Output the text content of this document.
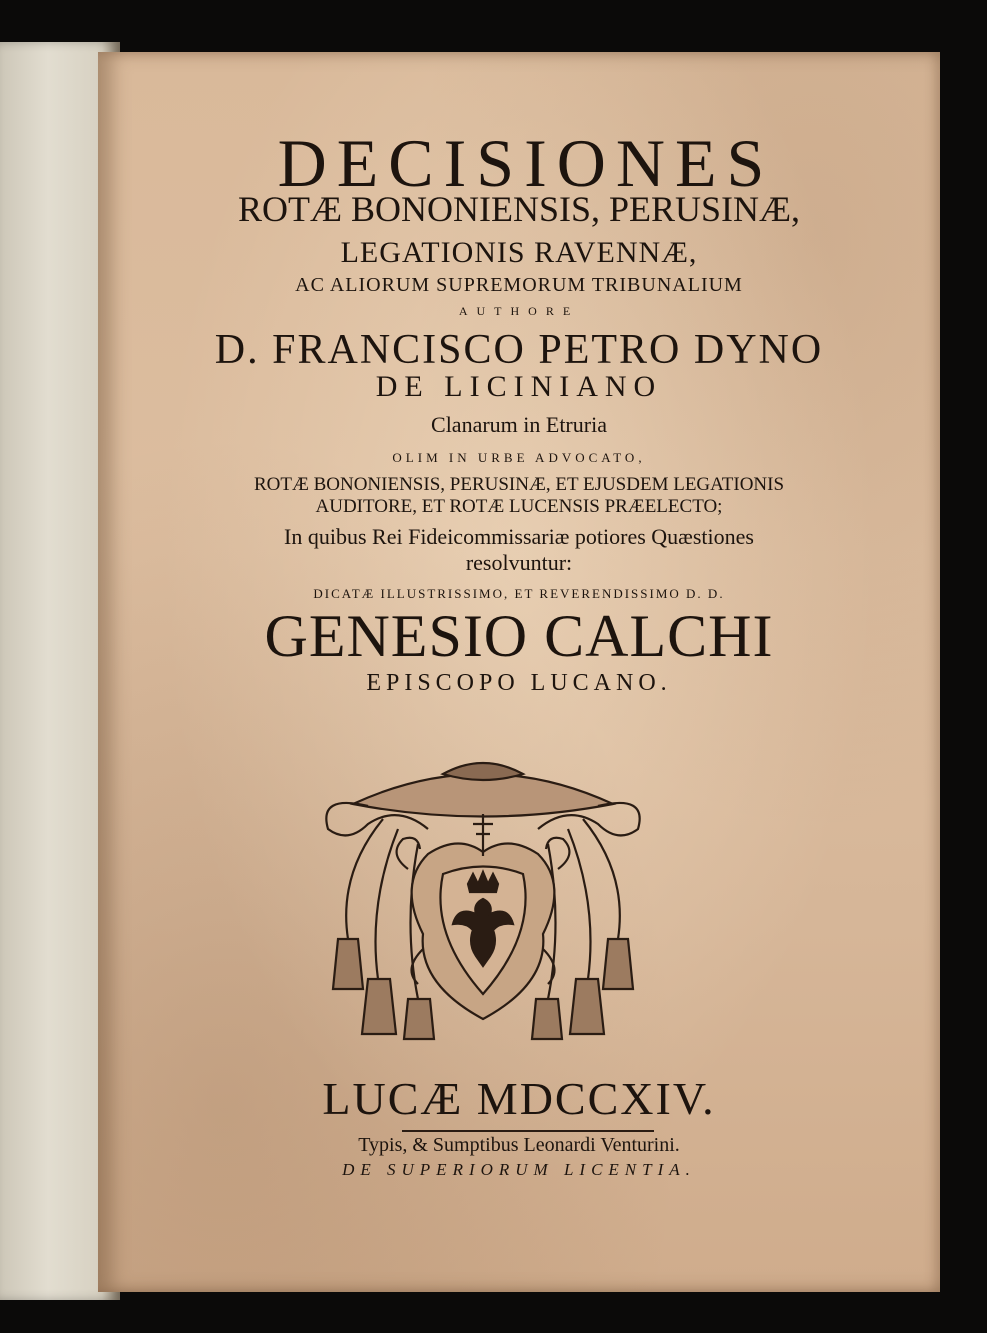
DECISIONES

ROTÆ BONONIENSIS, PERUSINÆ,

LEGATIONIS RAVENNÆ,

AC ALIORUM SUPREMORUM TRIBUNALIUM

AUTHORE

D. FRANCISCO PETRO DYNO

DE LICINIANO

Clanarum in Etruria

OLIM IN URBE ADVOCATO,

ROTÆ BONONIENSIS, PERUSINÆ, ET EJUSDEM LEGATIONIS

AUDITORE, ET ROTÆ LUCENSIS PRÆELECTO;

In quibus Rei Fideicommissariæ potiores Quæstiones

resolvuntur:

DICATÆ ILLUSTRISSIMO, ET REVERENDISSIMO D. D.

GENESIO CALCHI

EPISCOPO LUCANO.

LUCÆ MDCCXIV.

Typis, & Sumptibus Leonardi Venturini.

DE SUPERIORUM LICENTIA.
